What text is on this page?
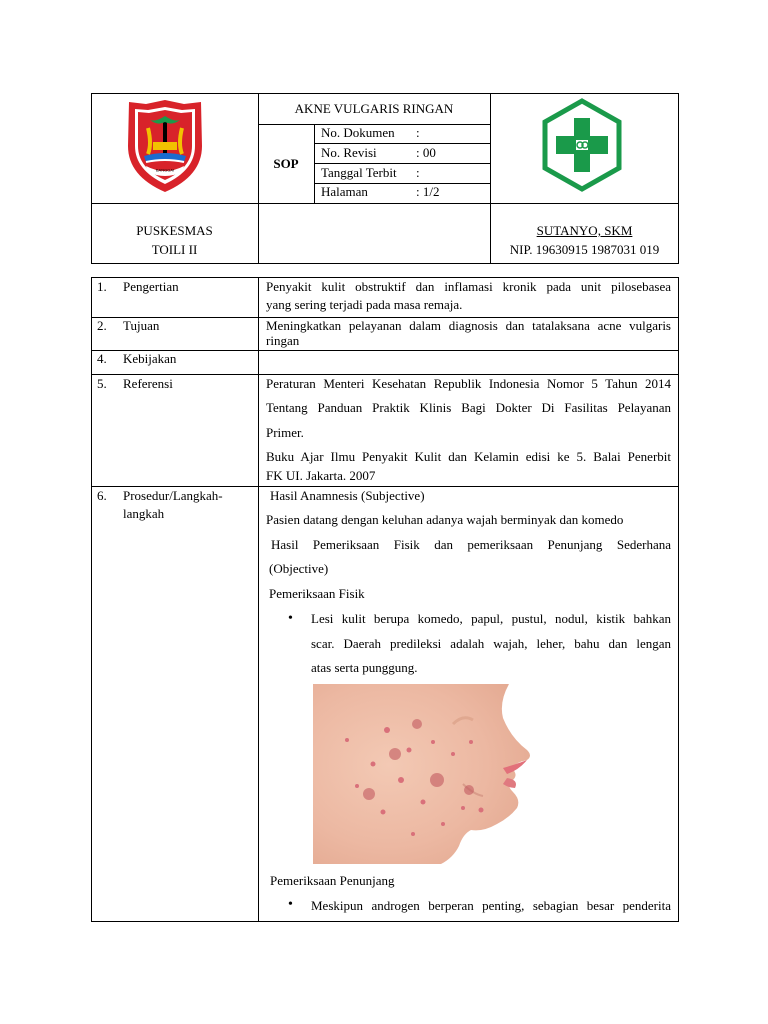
BANGGAI
AKNE VULGARIS RINGAN
SOP
No. Dokumen :
No. Revisi	: 00
Tanggal Terbit :
Halaman	: 1/2
PUSKESMAS
TOILI II
SUTANYO, SKM
NIP. 19630915 1987031 019
1. Pengertian	Penyakit kulit obstruktif dan inflamasi kronik pada unit pilosebasea
yang sering terjadi pada masa remaja.
2. Tujuan	Meningkatkan pelayanan dalam diagnosis dan tatalaksana acne vulgaris
ringan
4. Kebijakan
5. Referensi	Peraturan Menteri Kesehatan Republik Indonesia Nomor 5 Tahun 2014
Tentang Panduan Praktik Klinis Bagi Dokter Di Fasilitas Pelayanan
Primer.
Buku Ajar Ilmu Penyakit Kulit dan Kelamin edisi ke 5. Balai Penerbit
FK UI. Jakarta. 2007
6. Prosedur/Langkah-
langkah
Hasil Anamnesis (Subjective)
Pasien datang dengan keluhan adanya wajah berminyak dan komedo
Hasil Pemeriksaan Fisik dan pemeriksaan Penunjang Sederhana
(Objective)
Pemeriksaan Fisik
• Lesi kulit berupa komedo, papul, pustul, nodul, kistik bahkan
scar. Daerah predileksi adalah wajah, leher, bahu dan lengan
atas serta punggung.
Pemeriksaan Penunjang
• Meskipun androgen berperan penting, sebagian besar penderita
